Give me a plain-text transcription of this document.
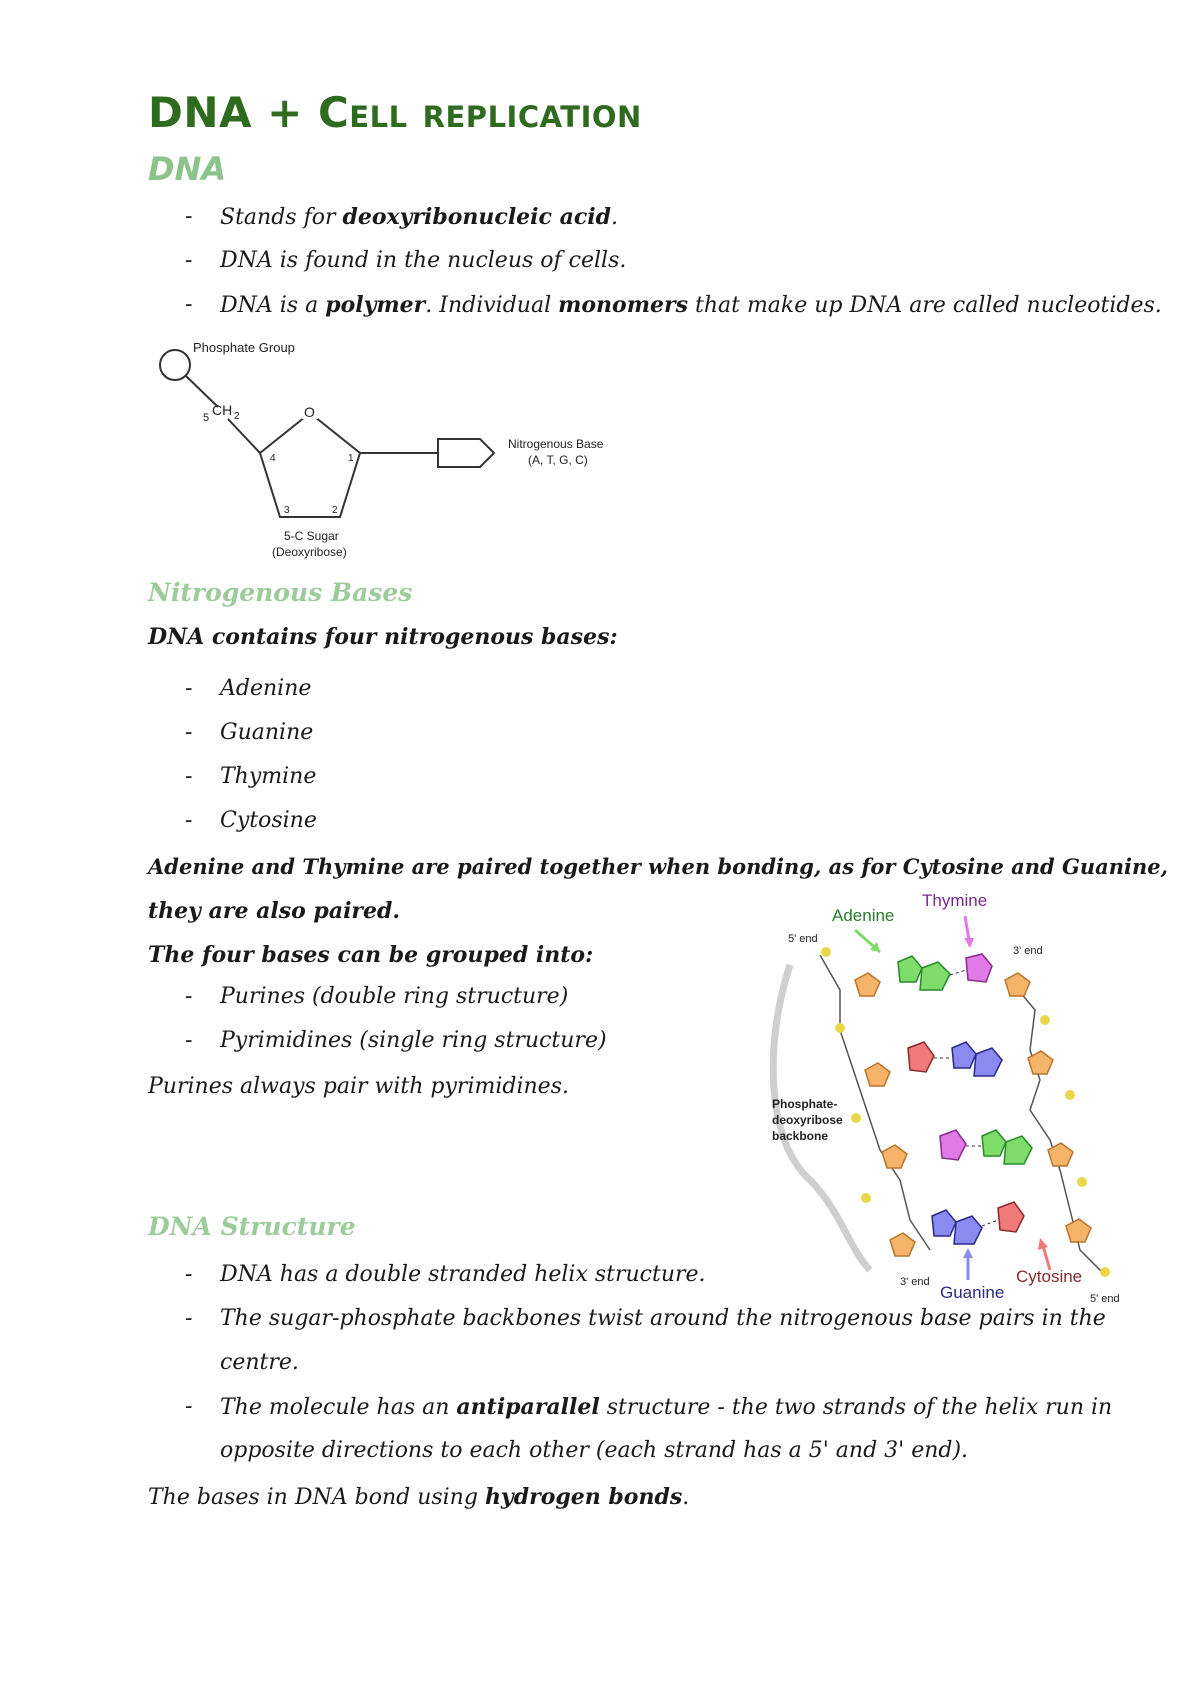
DNA + Cell replication
DNA
- Stands for deoxyribonucleic acid.
- DNA is found in the nucleus of cells.
- DNA is a polymer. Individual monomers that make up DNA are called nucleotides.
Phosphate Group
5 CH 2	O
4	1
3	2
Nitrogenous Base
(A, T, G, C)
5-C Sugar
(Deoxyribose)
Nitrogenous Bases
DNA contains four nitrogenous bases:
- Adenine
- Guanine
- Thymine
- Cytosine
Adenine and Thymine are paired together when bonding, as for Cytosine and Guanine,
they are also paired.
The four bases can be grouped into:
- Purines (double ring structure)
- Pyrimidines (single ring structure)
Purines always pair with pyrimidines.
Adenine
Thymine
5' end
3' end
Phosphate-
deoxyribose
backbone
3' end
Guanine
Cytosine
5' end
DNA Structure
- DNA has a double stranded helix structure.
- The sugar-phosphate backbones twist around the nitrogenous base pairs in the
centre.
- The molecule has an antiparallel structure - the two strands of the helix run in
opposite directions to each other (each strand has a 5' and 3' end).
The bases in DNA bond using hydrogen bonds.
